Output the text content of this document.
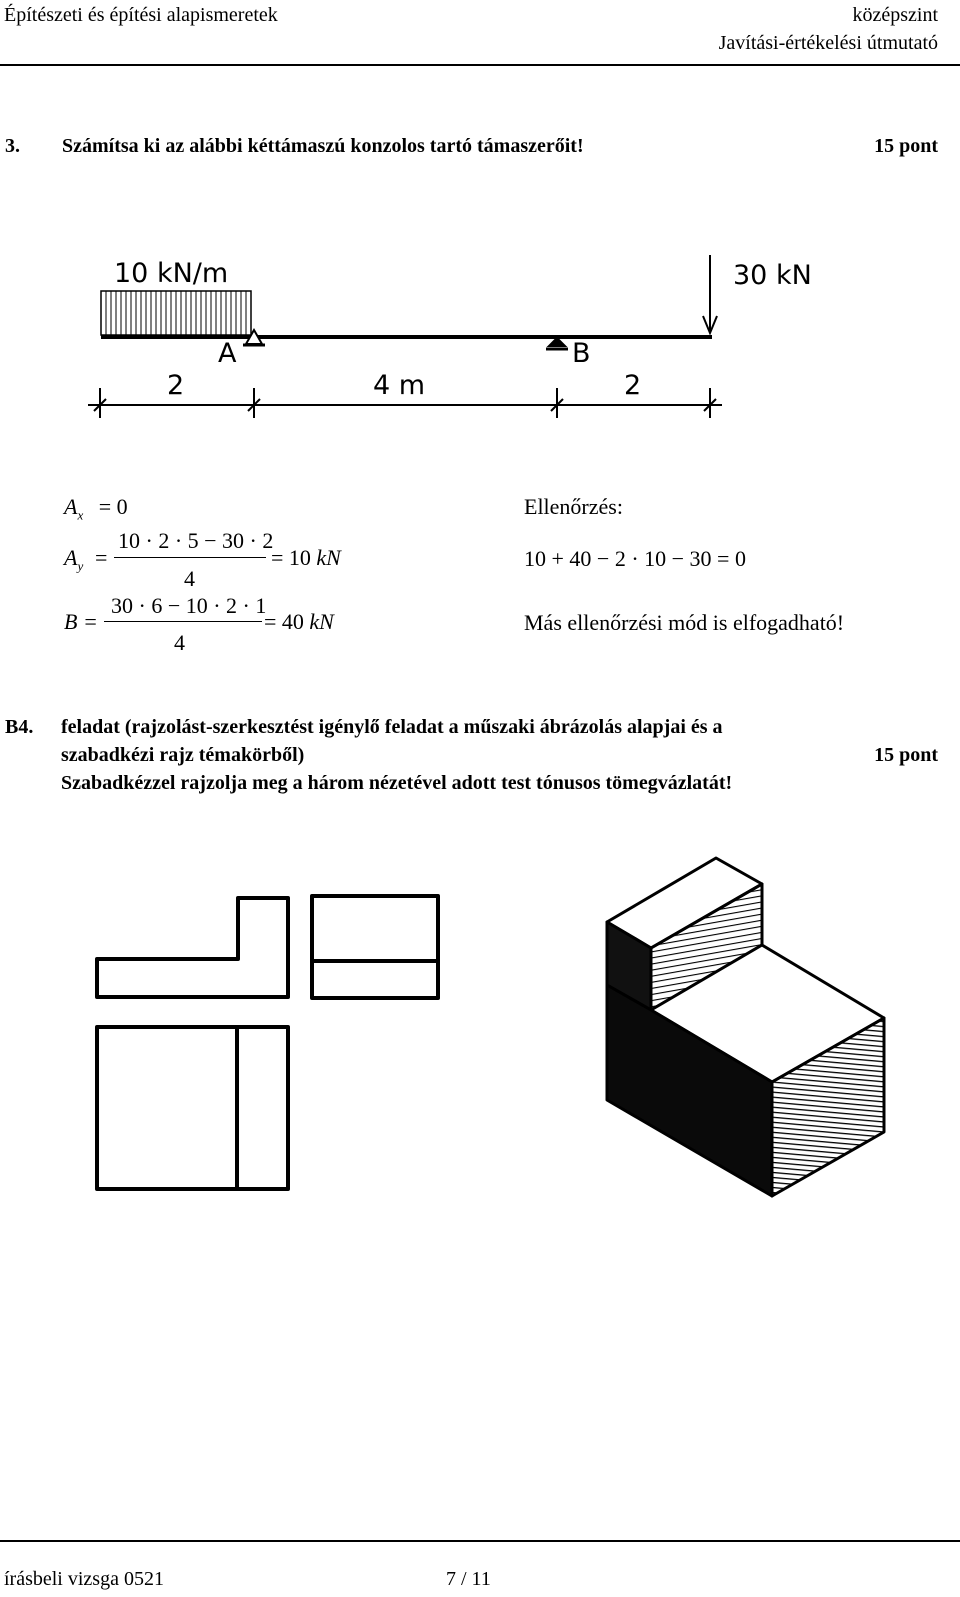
Építészeti és építési alapismeretek	középszint
Javítási-értékelési útmutató
3. Számítsa ki az alábbi kéttámaszú konzolos tartó támaszerőit!	15 pont
10 kN/m	30 kN
A	B
2	4 m	2
$A_x = 0$
$A_y$ =
10 · 2 · 5 − 30 · 2
4
= 10 kN
B =
30 · 6 − 10 · 2 · 1
4
= 40 kN
Ellenőrzés:
10 + 40 − 2 · 10 − 30 = 0
Más ellenőrzési mód is elfogadható!
B4. feladat (rajzolást-szerkesztést igénylő feladat a műszaki ábrázolás alapjai és a
szabadkézi rajz témakörből)	15 pont
Szabadkézzel rajzolja meg a három nézetével adott test tónusos tömegvázlatát!
írásbeli vizsga 0521	7 / 11
